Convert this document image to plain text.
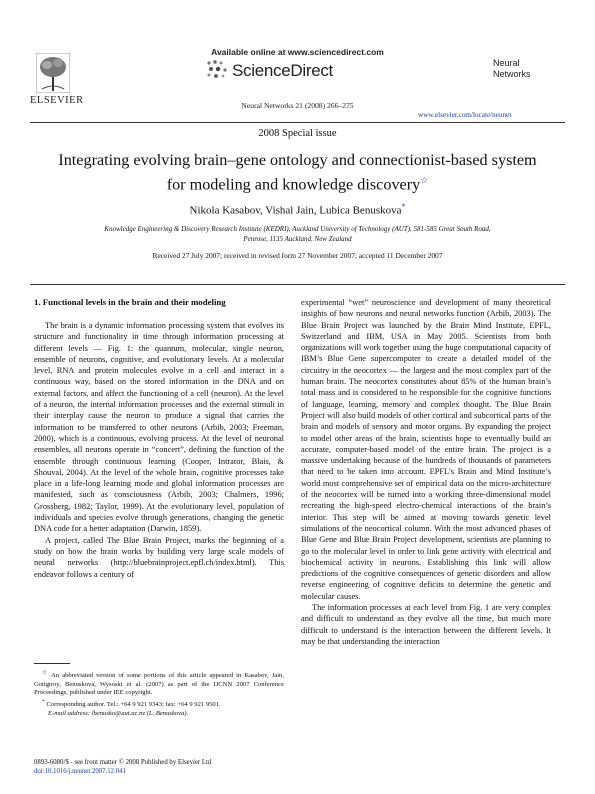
Available online at www.sciencedirect.com
ScienceDirect
ELSEVIER	Neural Networks 21 (2008) 266–275
Neural
Networks
www.elsevier.com/locate/neunet
2008 Special issue
Integrating evolving brain–gene ontology and connectionist-based system
for modeling and knowledge discovery☆
Nikola Kasabov, Vishal Jain, Lubica Benuskova*
Knowledge Engineering & Discovery Research Institute (KEDRI), Auckland University of Technology (AUT), 581-585 Great South Road,
Penrose, 1135 Auckland, New Zealand
Received 27 July 2007; received in revised form 27 November 2007; accepted 11 December 2007
1. Functional levels in the brain and their modeling

The brain is a dynamic information processing system that evolves its structure and functionality in time through information processing at different levels — Fig. 1: the quantum, molecular, single neuron, ensemble of neurons, cognitive, and evolutionary levels. At a molecular level, RNA and protein molecules evolve in a cell and interact in a continuous way, based on the stored information in the DNA and on external factors, and affect the functioning of a cell (neuron). At the level of a neuron, the internal information processes and the external stimuli in their interplay cause the neuron to produce a signal that carries the information to be transferred to other neurons (Arbib, 2003; Freeman, 2000), which is a continuous, evolving process. At the level of neuronal ensembles, all neurons operate in “concert”, defining the function of the ensemble through continuous learning (Cooper, Intrator, Blais, & Shouval, 2004). At the level of the whole brain, cognitive processes take place in a life-long learning mode and global information processes are manifested, such as consciousness (Arbib, 2003; Chalmers, 1996; Grossberg, 1982; Taylor, 1999). At the evolutionary level, population of individuals and species evolve through generations, changing the genetic DNA code for a better adaptation (Darwin, 1859).

A project, called The Blue Brain Project, marks the beginning of a study on how the brain works by building very large scale models of neural networks (http://bluebrainproject.epfl.ch/index.html). This endeavor follows a century of

☆ An abbreviated version of some portions of this article appeared in Kasabov, Jain, Gottgtroy, Benuskova, Wysoski et al. (2007) as part of the IJCNN 2007 Conference Proceedings, published under IEE copyright.
* Corresponding author. Tel.: +64 9 921 9343; fax: +64 9 921 9501.
E-mail address: lbenusko@aut.ac.nz (L. Benuskova).
0893-6080/$ - see front matter © 2008 Published by Elsevier Ltd
doi:10.1016/j.neunet.2007.12.041

experimental “wet” neuroscience and development of many theoretical insights of how neurons and neural networks function (Arbib, 2003). The Blue Brain Project was launched by the Brain Mind Institute, EPFL, Switzerland and IBM, USA in May 2005. Scientists from both organizations will work together using the huge computational capacity of IBM’s Blue Gene supercomputer to create a detailed model of the circuitry in the neocortex — the largest and the most complex part of the human brain. The neocortex constitutes about 85% of the human brain’s total mass and is considered to be responsible for the cognitive functions of language, learning, memory and complex thought. The Blue Brain Project will also build models of other cortical and subcortical parts of the brain and models of sensory and motor organs. By expanding the project to model other areas of the brain, scientists hope to eventually build an accurate, computer-based model of the entire brain. The project is a massive undertaking because of the hundreds of thousands of parameters that need to be taken into account. EPFL’s Brain and Mind Institute’s world most comprehensive set of empirical data on the micro-architecture of the neocortex will be turned into a working three-dimensional model recreating the high-speed electro-chemical interactions of the brain’s interior. This step will be aimed at moving towards genetic level simulations of the neocortical column. With the most advanced phases of Blue Gene and Blue Brain Project development, scientists are planning to go to the molecular level in order to link gene activity with electrical and biochemical activity in neurons. Establishing this link will allow predictions of the cognitive consequences of genetic disorders and allow reverse engineering of cognitive deficits to determine the genetic and molecular causes.

The information processes at each level from Fig. 1 are very complex and difficult to understand as they evolve all the time, but much more difficult to understand is the interaction between the different levels. It may be that understanding the interaction
